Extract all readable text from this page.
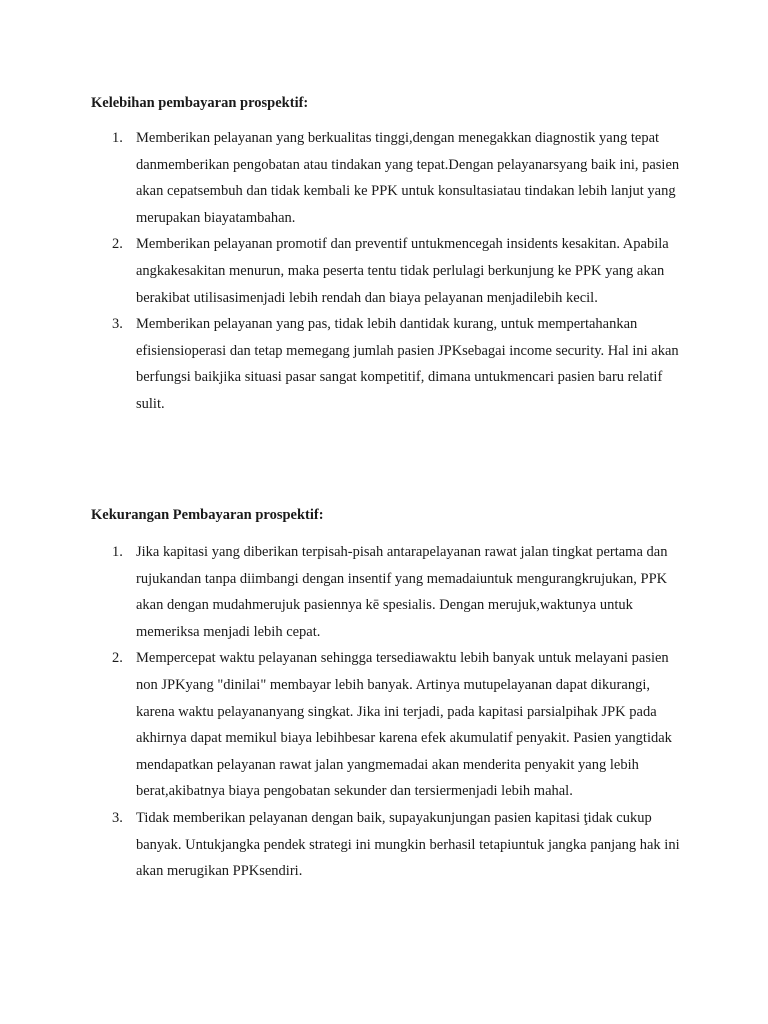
Kelebihan pembayaran prospektif:
1. Memberikan pelayanan yang berkualitas tinggi,dengan menegakkan diagnostik yang tepat danmemberikan pengobatan atau tindakan yang tepat.Dengan pelayanarsyang baik ini, pasien akan cepatsembuh dan tidak kembali ke PPK untuk konsultasiatau tindakan lebih lanjut yang merupakan biayatambahan.
2. Memberikan pelayanan promotif dan preventif untukmencegah insidents kesakitan. Apabila angkakesakitan menurun, maka peserta tentu tidak perlulagi berkunjung ke PPK yang akan berakibat utilisasimenjadi lebih rendah dan biaya pelayanan menjadilebih kecil.
3. Memberikan pelayanan yang pas, tidak lebih dantidak kurang, untuk mempertahankan efisiensioperasi dan tetap memegang jumlah pasien JPKsebagai income security. Hal ini akan berfungsi baikjika situasi pasar sangat kompetitif, dimana untukmencari pasien baru relatif sulit.
Kekurangan Pembayaran prospektif:
1. Jika kapitasi yang diberikan terpisah-pisah antarapelayanan rawat jalan tingkat pertama dan rujukandan tanpa diimbangi dengan insentif yang memadaiuntuk mengurangkrujukan, PPK akan dengan mudahmerujuk pasiennya kē spesialis. Dengan merujuk,waktunya untuk memeriksa menjadi lebih cepat.
2. Mempercepat waktu pelayanan sehingga tersediawaktu lebih banyak untuk melayani pasien non JPKyang "dinilai" membayar lebih banyak. Artinya mutupelayanan dapat dikurangi, karena waktu pelayananyang singkat. Jika ini terjadi, pada kapitasi parsialpihak JPK pada akhirnya dapat memikul biaya lebihbesar karena efek akumulatif penyakit. Pasien yangtidak mendapatkan pelayanan rawat jalan yangmemadai akan menderita penyakit yang lebih berat,akibatnya biaya pengobatan sekunder dan tersiermenjadi lebih mahal.
3. Tidak memberikan pelayanan dengan baik, supayakunjungan pasien kapitasi ţidak cukup banyak. Untukjangka pendek strategi ini mungkin berhasil tetapiuntuk jangka panjang hak ini akan merugikan PPKsendiri.
